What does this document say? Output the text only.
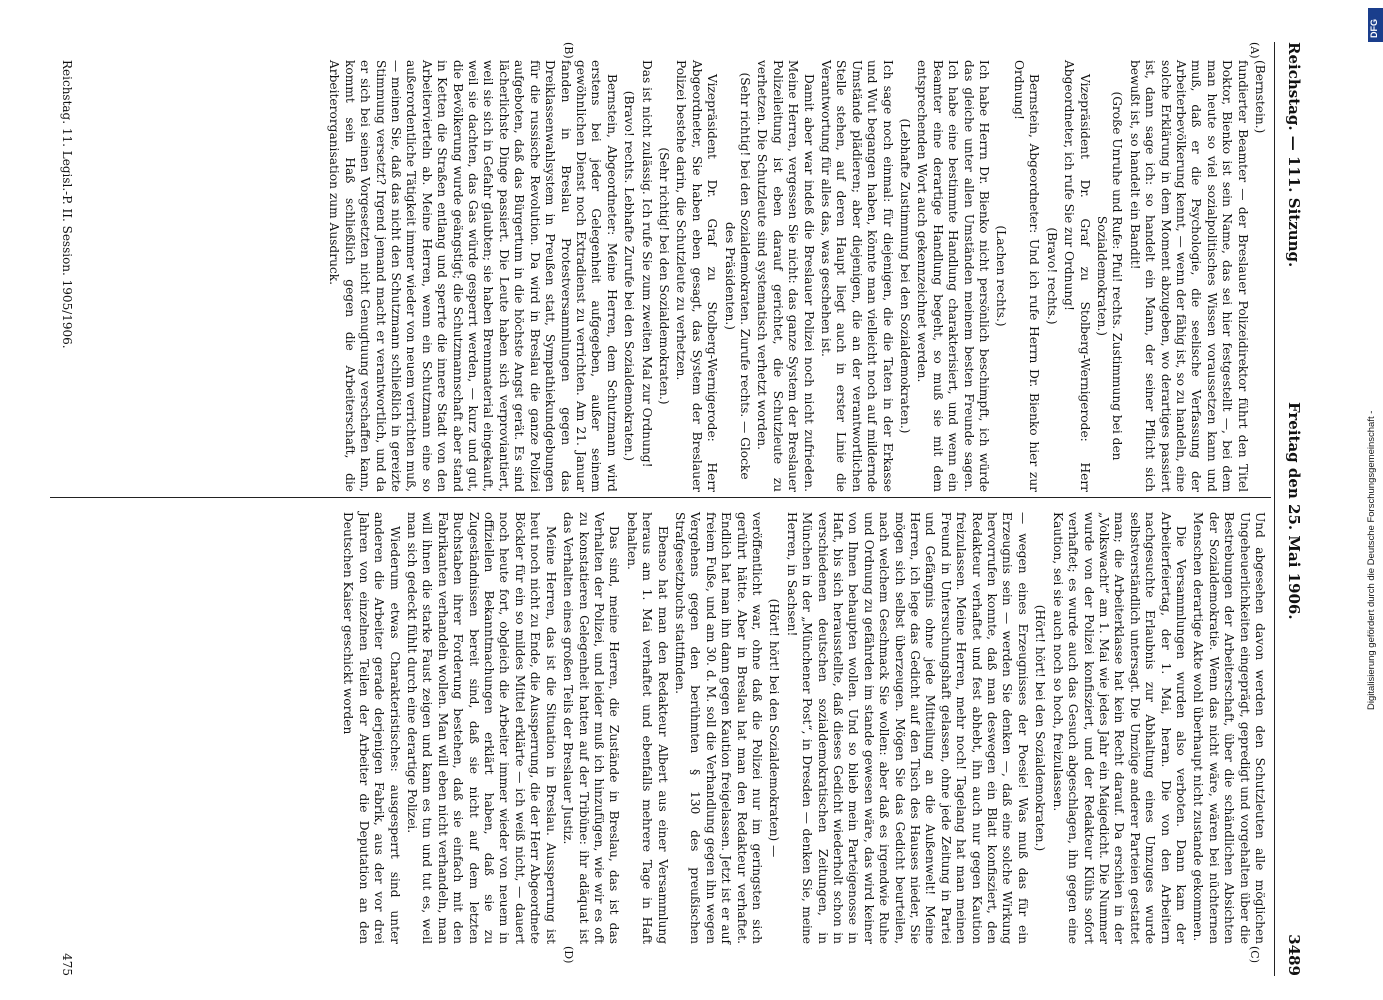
Reichstag. — 111. Sitzung.
Freitag den 25. Mai 1906.
3489
(A)
(B)
(C)
(D)

(Bernstein.)

fundierter Beamter — der Breslauer Polizeidirektor führt den Titel Doktor, Bienko ist sein Name, das sei hier festgestellt —, bei dem man heute so viel sozialpolitisches Wissen voraussetzen kann und muß, daß er die Psychologie, die seelische Verfassung der Arbeiterbevölkerung kennt, — wenn der fähig ist, so zu handeln, eine solche Erklärung in dem Moment abzugeben, wo derartiges passiert ist, dann sage ich: so handelt ein Mann, der seiner Pflicht sich bewußt ist, so handelt ein Bandit!

(Große Unruhe und Rufe: Pfui! rechts. Zustimmung bei den Sozialdemokraten.)

Vizepräsident Dr. Graf zu Stolberg-Wernigerode: Herr Abgeordneter, ich rufe Sie zur Ordnung!

(Bravo! rechts.)

Bernstein, Abgeordneter: Und ich rufe Herrn Dr. Bienko hier zur Ordnung!

(Lachen rechts.)

Ich habe Herrn Dr. Bienko nicht persönlich beschimpft, ich würde das gleiche unter allen Umständen meinem besten Freunde sagen. Ich habe eine bestimmte Handlung charakterisiert, und wenn ein Beamter eine derartige Handlung begeht, so muß sie mit dem entsprechenden Wort auch gekennzeichnet werden.

(Lebhafte Zustimmung bei den Sozialdemokraten.)

Ich sage noch einmal: für diejenigen, die die Taten in der Erkasse und Wut begangen haben, könnte man vielleicht noch auf mildernde Umstände plädieren; aber diejenigen, die an der verantwortlichen Stelle stehen, auf deren Haupt liegt auch in erster Linie die Verantwortung für alles das, was geschehen ist.

Damit aber war indeß die Breslauer Polizei noch nicht zufrieden. Meine Herren, vergessen Sie nicht: das ganze System der Breslauer Polizeileitung ist eben darauf gerichtet, die Schutzleute zu verhetzen. Die Schutzleute sind systematisch verhetzt worden.

(Sehr richtig! bei den Sozialdemokraten. Zurufe rechts. — Glocke des Präsidenten.)

Vizepräsident Dr. Graf zu Stolberg-Wernigerode: Herr Abgeordneter, Sie haben eben gesagt, das System der Breslauer Polizei bestehe darin, die Schutzleute zu verhetzen.

(Sehr richtig! bei den Sozialdemokraten.)

Das ist nicht zulässig. Ich rufe Sie zum zweiten Mal zur Ordnung!

(Bravo! rechts. Lebhafte Zurufe bei den Sozialdemokraten.)

Bernstein, Abgeordneter: Meine Herren, dem Schutzmann wird erstens bei jeder Gelegenheit aufgegeben, außer seinem gewöhnlichen Dienst noch Extradienst zu verrichten. Am 21. Januar fanden in Breslau Protestversammlungen gegen das Dreiklassenwahlsystem in Preußen statt, Sympathiekundgebungen für die russische Revolution. Da wird in Breslau die ganze Polizei aufgeboten, daß das Bürgertum in die höchste Angst gerät. Es sind lächerlichste Dinge passiert. Die Leute haben sich verproviantiert, weil sie sich in Gefahr glaubten; sie haben Brennmaterial eingekauft, weil sie dachten, das Gas würde gesperrt werden, — kurz und gut, die Bevölkerung wurde geängstigt; die Schutzmannschaft aber stand in Ketten die Straßen entlang und sperrte die innere Stadt von den Arbeitervierteln ab. Meine Herren, wenn ein Schutzmann eine so außerordentliche Tätigkeit immer wieder von neuem verrichten muß, — meinen Sie, daß das nicht den Schutzmann schließlich in gereizte Stimmung versetzt? Irgend jemand macht er verantwortlich, und da er sich bei seinen Vorgesetzten nicht Genugtuung verschaffen kann, kommt sein Haß schließlich gegen die Arbeiterschaft, die Arbeiterorganisation zum Ausdruck.

Und abgesehen davon werden den Schutzleuten alle möglichen Ungeheuerlichkeiten eingeprägt, gepredigt und vorgehalten über die Bestrebungen der Arbeiterschaft, über die schändlichen Absichten der Sozialdemokratie. Wenn das nicht wäre, wären bei nüchternen Menschen derartige Akte wohl überhaupt nicht zustande gekommen.

Die Versammlungen wurden also verboten. Dann kam der Arbeiterfeiertag, der 1. Mai, heran. Die von den Arbeitern nachgesuchte Erlaubnis zur Abhaltung eines Umzuges wurde selbstverständlich untersagt. Die Umzüge anderer Parteien gestattet man; die Arbeiterklasse hat kein Recht darauf. Da erschien in der „Volkswacht“ am 1. Mai wie jedes Jahr ein Maigedicht. Die Nummer wurde von der Polizei konfisziert, und der Redakteur Klühs sofort verhaftet; es wurde auch das Gesuch abgeschlagen, ihn gegen eine Kaution, sei sie auch noch so hoch, freizulassen.

(Hört! hört! bei den Sozialdemokraten.)

— wegen eines Erzeugnisses der Poesie! Was muß das für ein Erzeugnis sein — werden Sie denken —, daß eine solche Wirkung hervorrufen konnte, daß man deswegen ein Blatt konfisziert, den Redakteur verhaftet und fest abhebt, ihn auch nur gegen Kaution freizulassen. Meine Herren, mehr noch! Tagelang hat man meinen Freund in Untersuchungshaft gelassen, ohne jede Zeitung in Partei und Gefängnis ohne jede Mitteilung an die Außenwelt! Meine Herren, ich lege das Gedicht auf den Tisch des Hauses nieder, Sie mögen sich selbst überzeugen. Mögen Sie das Gedicht beurteilen, nach welchem Geschmack Sie wollen: aber daß es irgendwie Ruhe und Ordnung zu gefährden im stande gewesen wäre, das wird keiner von Ihnen behaupten wollen. Und so blieb mein Parteigenosse in Haft, bis sich herausstellte, daß dieses Gedicht wiederholt schon in verschiedenen deutschen sozialdemokratischen Zeitungen, in München in der „Münchener Post“, in Dresden — denken Sie, meine Herren, in Sachsen!

(Hört! hört! bei den Sozialdemokraten) —

veröffentlicht war, ohne daß die Polizei nur im geringsten sich gerührt hätte. Aber in Breslau hat man den Redakteur verhaftet. Endlich hat man ihn dann gegen Kaution freigelassen. Jetzt ist er auf freiem Fuße, und am 30. d. M. soll die Verhandlung gegen ihn wegen Vergehens gegen den berühmten § 130 des preußischen Strafgesetzbuchs stattfinden.

Ebenso hat man den Redakteur Albert aus einer Versammlung heraus am 1. Mai verhaftet und ebenfalls mehrere Tage in Haft behalten.

Das sind, meine Herren, die Zustände in Breslau, das ist das Verhalten der Polizei, und leider muß ich hinzufügen, wie wir es oft zu konstatieren Gelegenheit hatten auf der Tribüne: ihr adäquat ist das Verhalten eines großen Teils der Breslauer Justiz.

Meine Herren, das ist die Situation in Breslau. Aussperrung ist heut noch nicht zu Ende, die Aussperrung, die der Herr Abgeordnete Böckler für ein so mildes Mittel erklärte — ich weiß nicht, — dauert noch heute fort, obgleich die Arbeiter immer wieder von neuem in offiziellen Bekanntmachungen erklärt haben, daß sie zu Zugeständnissen bereit sind, daß sie nicht auf dem letzten Buchstaben ihrer Forderung bestehen, daß sie einfach mit den Fabrikanten verhandeln wollen. Man will eben nicht verhandeln, man will ihnen die starke Faust zeigen und kann es tun und tut es, weil man sich gedeckt fühlt durch eine derartige Polizei.

Wiederum etwas Charakteristisches: ausgesperrt sind unter anderen die Arbeiter gerade derjenigen Fabrik, aus der vor drei Jahren von einzelnen Teilen der Arbeiter die Deputation an den Deutschen Kaiser geschickt worden

Reichstag. 11. Legisl.-P. II. Session. 1905/1906.
475
Digitalisierung gefördert durch die Deutsche Forschungsgemeinschaft -
DFG
